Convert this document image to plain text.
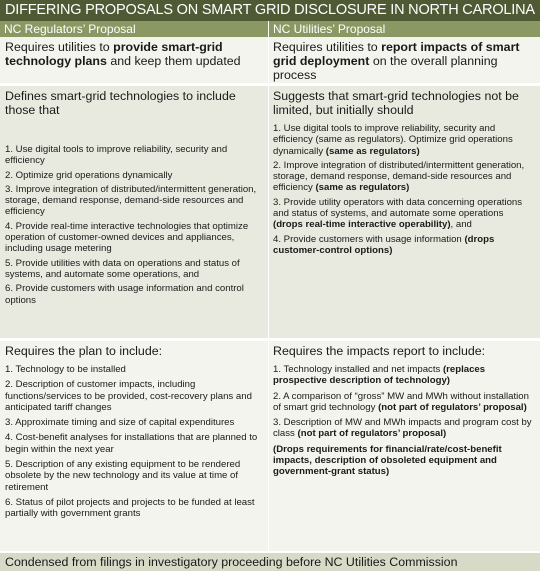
DIFFERING PROPOSALS ON SMART GRID DISCLOSURE IN NORTH CAROLINA
NC Regulators’ Proposal	NC Utilities’ Proposal
Requires utilities to provide smart-grid technology plans and keep them updated
Requires utilities to report impacts of smart grid deployment on the overall planning process

Defines smart-grid technologies to include those that

1. Use digital tools to improve reliability, security and efficiency

2. Optimize grid operations dynamically

3. Improve integration of distributed/intermittent generation, storage, demand response, demand-side resources and efficiency

4. Provide real-time interactive technologies that optimize operation of customer-owned devices and appliances, including usage metering

5. Provide utilities with data on operations and status of systems, and automate some operations, and

6. Provide customers with usage information and control options

Suggests that smart-grid technologies not be limited, but initially should

1. Use digital tools to improve reliability, security and efficiency (same as regulators). Optimize grid operations dynamically (same as regulators)

2. Improve integration of distributed/intermittent generation, storage, demand response, demand-side resources and efficiency (same as regulators)

3. Provide utility operators with data concerning operations and status of systems, and automate some operations (drops real-time interactive operability), and

4. Provide customers with usage information (drops customer-control options)

Requires the plan to include:

1. Technology to be installed

2. Description of customer impacts, including functions/services to be provided, cost-recovery plans and anticipated tariff changes

3. Approximate timing and size of capital expenditures

4. Cost-benefit analyses for installations that are planned to begin within the next year

5. Description of any existing equipment to be rendered obsolete by the new technology and its value at time of retirement

6. Status of pilot projects and projects to be funded at least partially with government grants

Requires the impacts report to include:

1. Technology installed and net impacts (replaces prospective description of technology)

2. A comparison of “gross” MW and MWh without installation of smart grid technology (not part of regulators’ proposal)

3. Description of MW and MWh impacts and program cost by class (not part of regulators’ proposal)

(Drops requirements for financial/rate/cost-benefit impacts, description of obsoleted equipment and government-grant status)

Condensed from filings in investigatory proceeding before NC Utilities Commission
